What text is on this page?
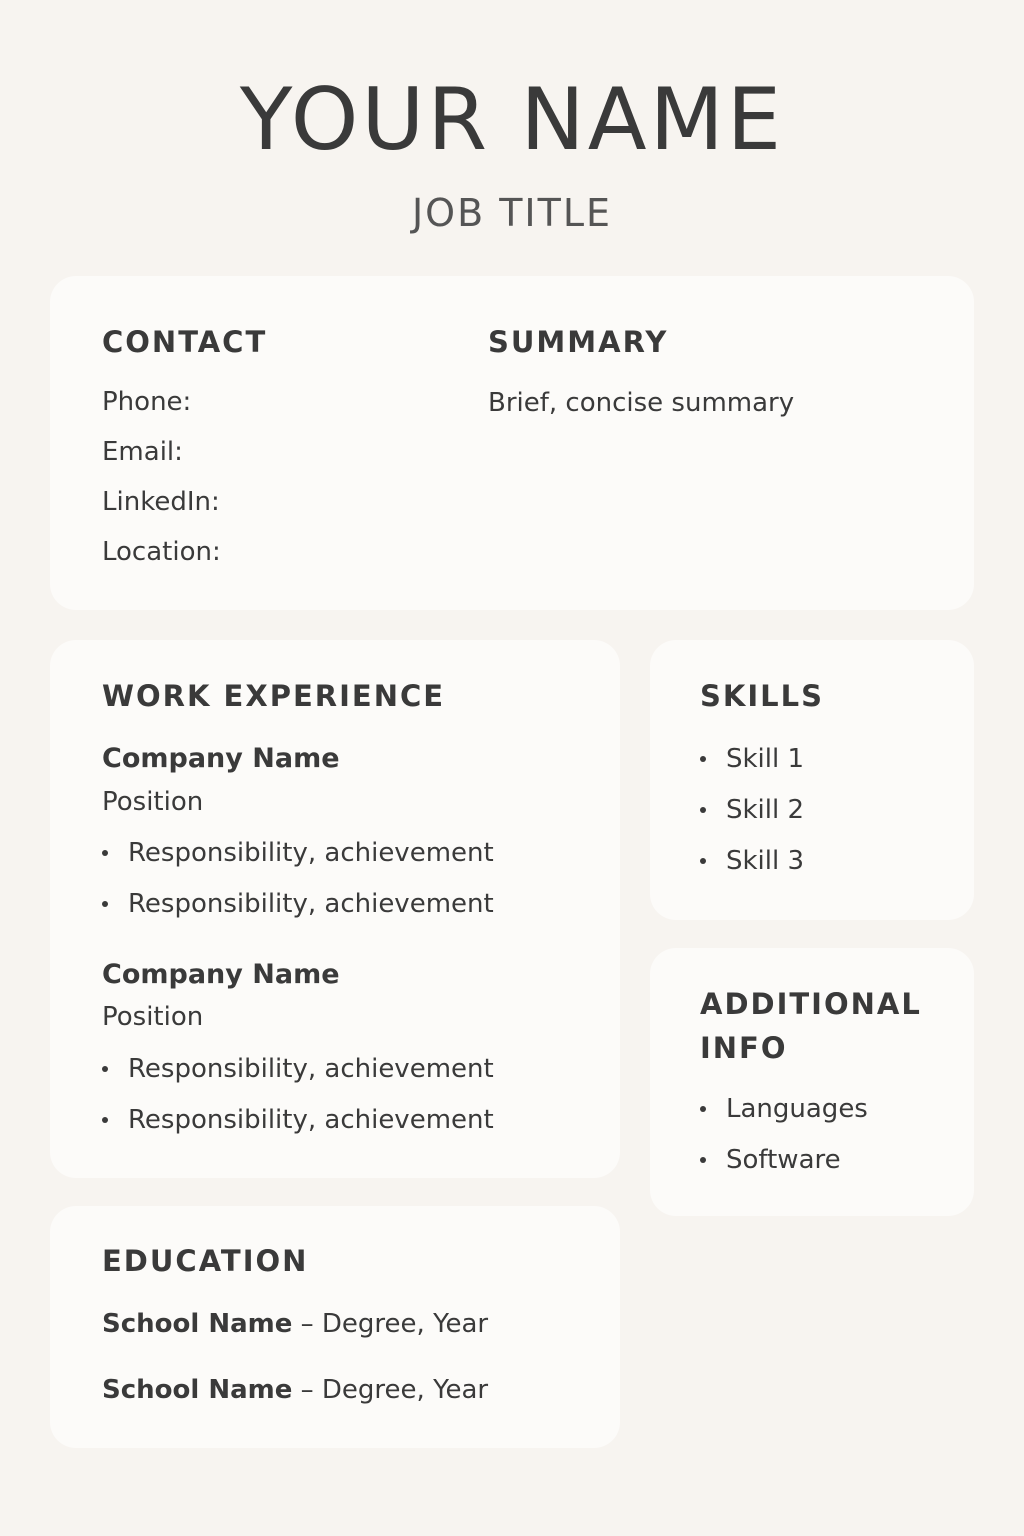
YOUR NAME
JOB TITLE
CONTACT
Phone:
Email:
LinkedIn:
Location:
SUMMARY
Brief, concise summary
WORK EXPERIENCE
Company Name
Position
Responsibility, achievement
Responsibility, achievement
Company Name
Position
Responsibility, achievement
Responsibility, achievement
SKILLS
Skill 1
Skill 2
Skill 3
ADDITIONAL
INFO
Languages
Software
EDUCATION
School Name – Degree, Year
School Name – Degree, Year
